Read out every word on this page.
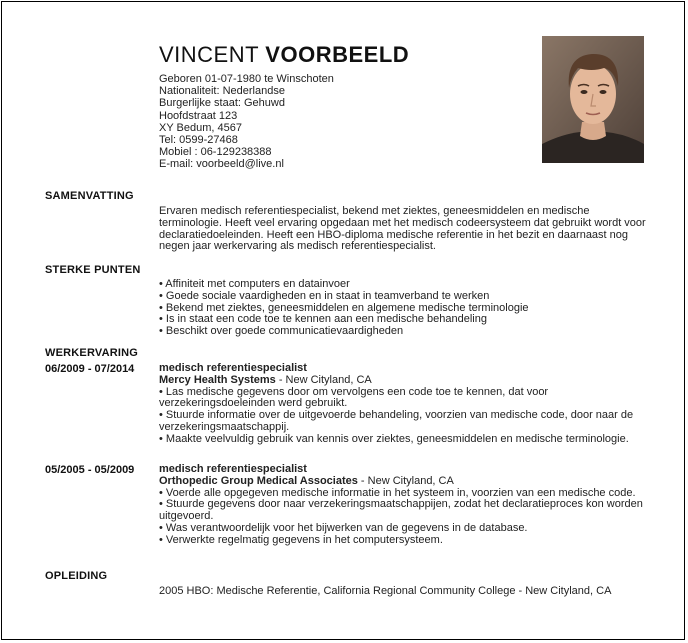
VINCENT VOORBEELD
Geboren 01-07-1980 te Winschoten
Nationaliteit: Nederlandse
Burgerlijke staat: Gehuwd
Hoofdstraat 123
XY Bedum, 4567
Tel: 0599-27468
Mobiel : 06-129238388
E-mail: voorbeeld@live.nl
SAMENVATTING
Ervaren medisch referentiespecialist, bekend met ziektes, geneesmiddelen en medische terminologie. Heeft veel ervaring opgedaan met het medisch codeersysteem dat gebruikt wordt voor declaratiedoeleinden. Heeft een HBO-diploma medische referentie in het bezit en daarnaast nog negen jaar werkervaring als medisch referentiespecialist.
STERKE PUNTEN
• Affiniteit met computers en datainvoer
• Goede sociale vaardigheden en in staat in teamverband te werken
• Bekend met ziektes, geneesmiddelen en algemene medische terminologie
• Is in staat een code toe te kennen aan een medische behandeling
• Beschikt over goede communicatievaardigheden
WERKERVARING
06/2009 - 07/2014 medisch referentiespecialist
Mercy Health Systems - New Cityland, CA
• Las medische gegevens door om vervolgens een code toe te kennen, dat voor verzekeringsdoeleinden werd gebruikt.
• Stuurde informatie over de uitgevoerde behandeling, voorzien van medische code, door naar de verzekeringsmaatschappij.
• Maakte veelvuldig gebruik van kennis over ziektes, geneesmiddelen en medische terminologie.
05/2005 - 05/2009 medisch referentiespecialist
Orthopedic Group Medical Associates - New Cityland, CA
• Voerde alle opgegeven medische informatie in het systeem in, voorzien van een medische code.
• Stuurde gegevens door naar verzekeringsmaatschappijen, zodat het declaratieproces kon worden uitgevoerd.
• Was verantwoordelijk voor het bijwerken van de gegevens in de database.
• Verwerkte regelmatig gegevens in het computersysteem.
OPLEIDING
2005 HBO: Medische Referentie, California Regional Community College - New Cityland, CA
